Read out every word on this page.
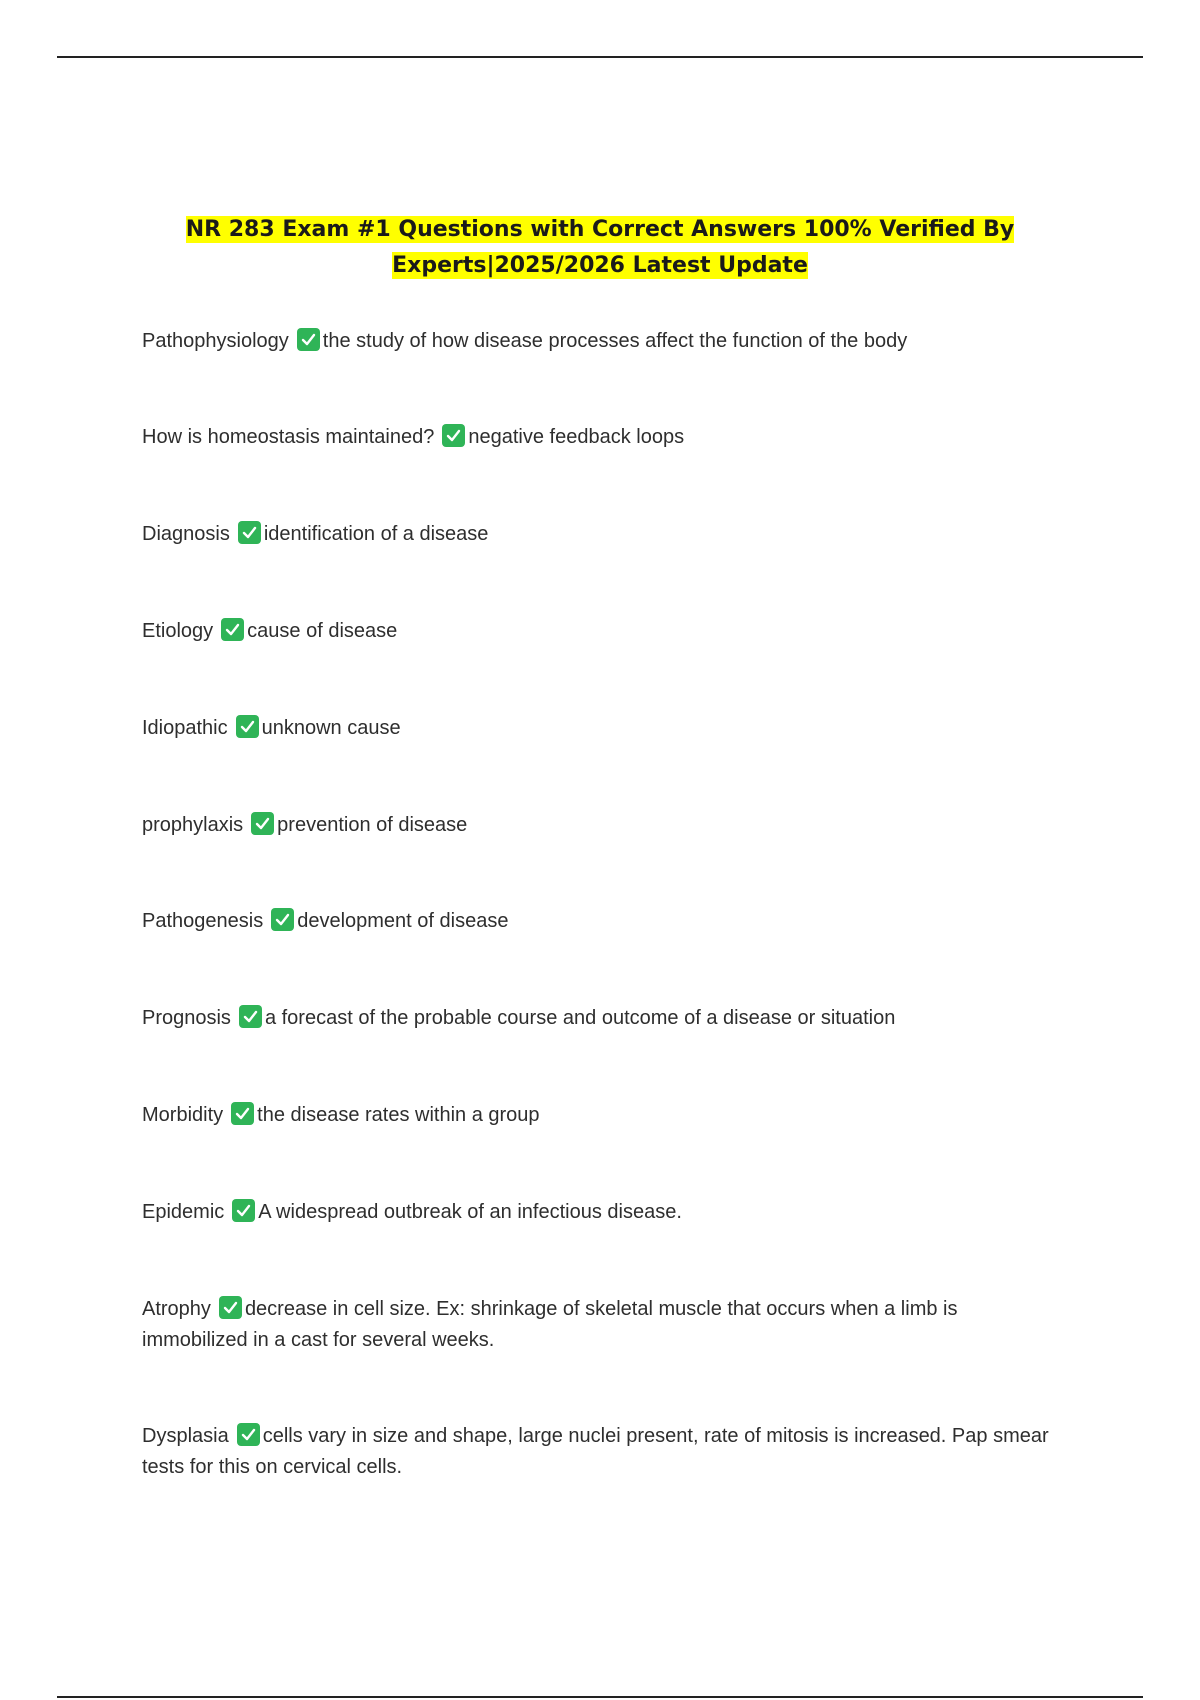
NR 283 Exam #1 Questions with Correct Answers 100% Verified By
Experts|2025/2026 Latest Update

Pathophysiology the study of how disease processes affect the function of the body

How is homeostasis maintained? negative feedback loops

Diagnosis identification of a disease

Etiology cause of disease

Idiopathic unknown cause

prophylaxis prevention of disease

Pathogenesis development of disease

Prognosis a forecast of the probable course and outcome of a disease or situation

Morbidity the disease rates within a group

Epidemic A widespread outbreak of an infectious disease.

Atrophy decrease in cell size. Ex: shrinkage of skeletal muscle that occurs when a limb is immobilized in a cast for several weeks.

Dysplasia cells vary in size and shape, large nuclei present, rate of mitosis is increased. Pap smear tests for this on cervical cells.
